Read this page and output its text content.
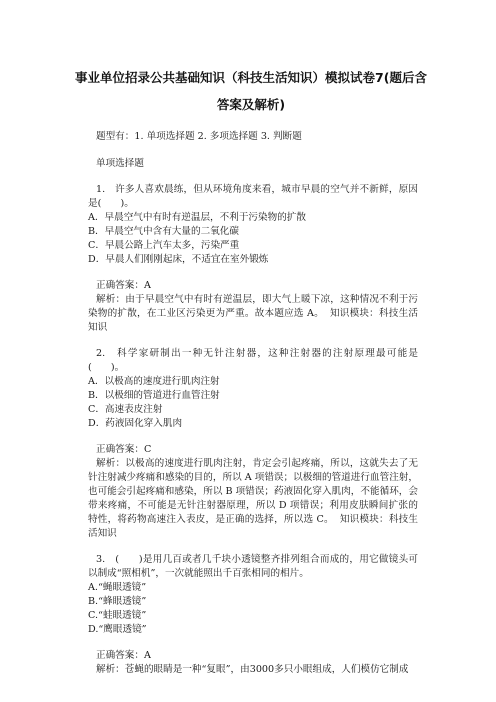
事业单位招录公共基础知识（科技生活知识）模拟试卷7(题后含答案及解析)
题型有：1. 单项选择题 2. 多项选择题 3. 判断题
单项选择题
1.　许多人喜欢晨练，但从环境角度来看，城市早晨的空气并不新鲜，原因是(　　)。
A．早晨空气中有时有逆温层，不利于污染物的扩散
B．早晨空气中含有大量的二氧化碳
C．早晨公路上汽车太多，污染严重
D．早晨人们刚刚起床，不适宜在室外锻炼
正确答案：A
解析：由于早晨空气中有时有逆温层，即大气上暖下凉，这种情况不利于污染物的扩散，在工业区污染更为严重。故本题应选 A。 知识模块：科技生活知识
2.　科学家研制出一种无针注射器，这种注射器的注射原理最可能是(　　)。
A．以极高的速度进行肌肉注射
B．以极细的管道进行血管注射
C．高速表皮注射
D．药液固化穿入肌肉
正确答案：C
解析：以极高的速度进行肌肉注射，肯定会引起疼痛，所以，这就失去了无针注射减少疼痛和感染的目的，所以 A 项错误；以极细的管道进行血管注射，也可能会引起疼痛和感染，所以 B 项错误；药液固化穿入肌肉，不能循环，会带来疼痛，不可能是无针注射器原理，所以 D 项错误；利用皮肤瞬间扩张的特性，将药物高速注入表皮，是正确的选择，所以选 C。 知识模块：科技生活知识
3.　(　　)是用几百或者几千块小透镜整齐排列组合而成的，用它做镜头可以制成“照相机”，一次就能照出千百张相同的相片。
A.“蝇眼透镜”
B.“蜂眼透镜”
C.“蛙眼透镜”
D.“鹰眼透镜”
正确答案：A
解析：苍蝇的眼睛是一种“复眼”，由3000多只小眼组成，人们模仿它制成
